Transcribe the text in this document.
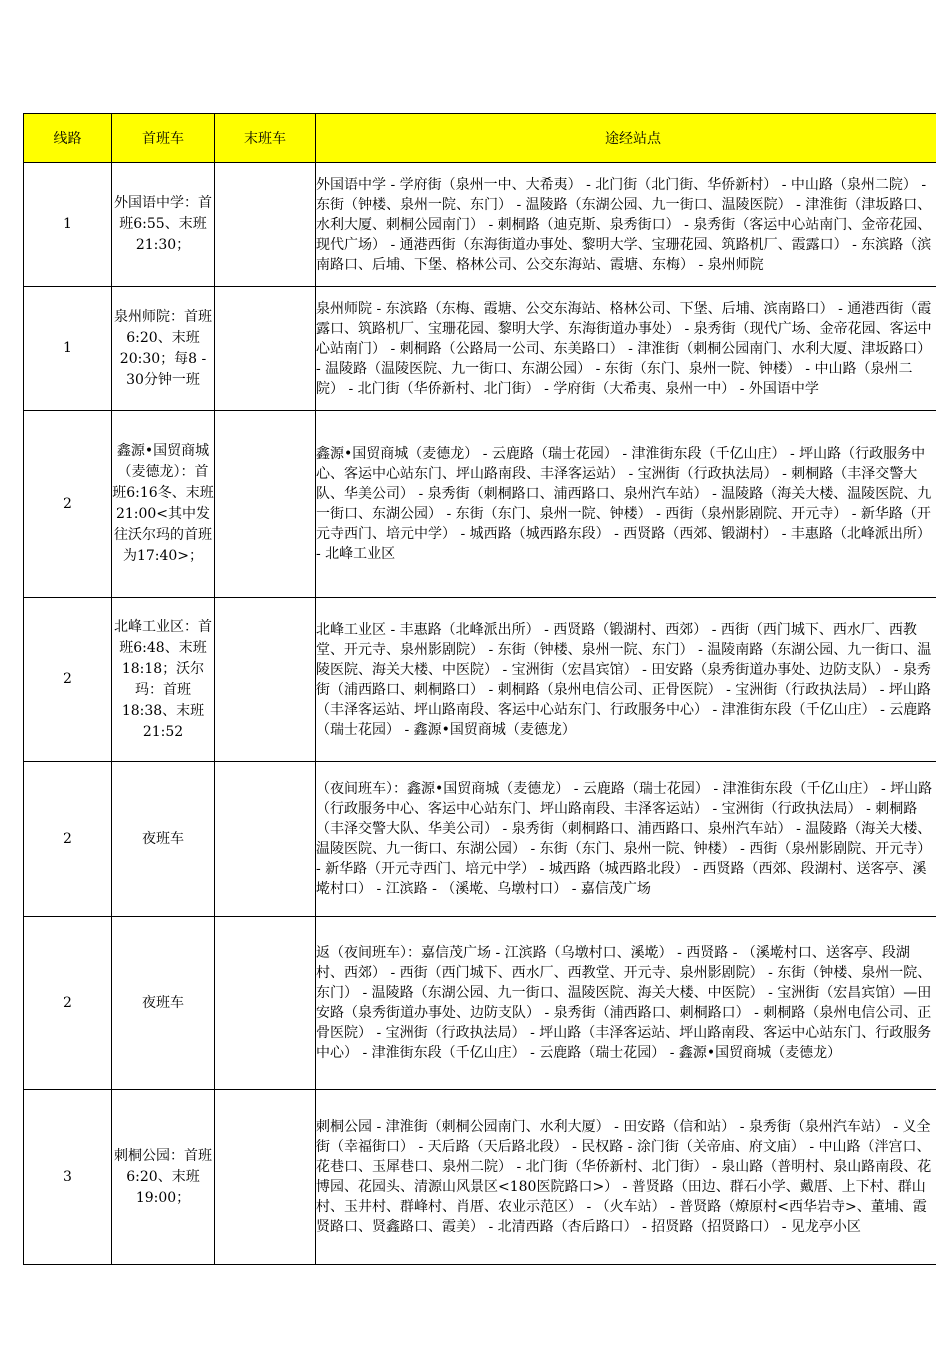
线路	首班车	末班车	途经站点
1	外国语中学：首班6:55、末班21:30；		外国语中学 - 学府街（泉州一中、大希夷） - 北门街（北门街、华侨新村） - 中山路（泉州二院） - 东街（钟楼、泉州一院、东门） - 温陵路（东湖公园、九一街口、温陵医院） - 津淮街（津坂路口、水利大厦、刺桐公园南门） - 刺桐路（迪克斯、泉秀街口） - 泉秀街（客运中心站南门、金帝花园、现代广场） - 通港西街（东海街道办事处、黎明大学、宝珊花园、筑路机厂、霞露口） - 东滨路（滨南路口、后埔、下堡、格林公司、公交东海站、霞塘、东梅） - 泉州师院

1	泉州师院：首班6:20、末班20:30；每8 - 30分钟一班		泉州师院 - 东滨路（东梅、霞塘、公交东海站、格林公司、下堡、后埔、滨南路口） - 通港西街（霞露口、筑路机厂、宝珊花园、黎明大学、东海街道办事处） - 泉秀街（现代广场、金帝花园、客运中心站南门） - 刺桐路（公路局一公司、东美路口） - 津淮街（刺桐公园南门、水利大厦、津坂路口） - 温陵路（温陵医院、九一街口、东湖公园） - 东街（东门、泉州一院、钟楼） - 中山路（泉州二院） - 北门街（华侨新村、北门街） - 学府街（大希夷、泉州一中） - 外国语中学

2	鑫源•国贸商城（麦德龙）：首班6:16冬、末班21:00<其中发往沃尔玛的首班为17:40>；		鑫源•国贸商城（麦德龙） - 云鹿路（瑞士花园） - 津淮街东段（千亿山庄） - 坪山路（行政服务中心、客运中心站东门、坪山路南段、丰泽客运站） - 宝洲街（行政执法局） - 刺桐路（丰泽交警大队、华美公司） - 泉秀街（刺桐路口、浦西路口、泉州汽车站） - 温陵路（海关大楼、温陵医院、九一街口、东湖公园） - 东街（东门、泉州一院、钟楼） - 西街（泉州影剧院、开元寺） - 新华路（开元寺西门、培元中学） - 城西路（城西路东段） - 西贤路（西郊、锻湖村） - 丰惠路（北峰派出所） - 北峰工业区

2	北峰工业区：首班6:48、末班18:18；沃尔玛：首班18:38、末班21:52		北峰工业区 - 丰惠路（北峰派出所） - 西贤路（锻湖村、西郊） - 西街（西门城下、西水厂、西教堂、开元寺、泉州影剧院） - 东街（钟楼、泉州一院、东门） - 温陵南路（东湖公园、九一街口、温陵医院、海关大楼、中医院） - 宝洲街（宏昌宾馆） - 田安路（泉秀街道办事处、边防支队） - 泉秀街（浦西路口、刺桐路口） - 刺桐路（泉州电信公司、正骨医院） - 宝洲街（行政执法局） - 坪山路（丰泽客运站、坪山路南段、客运中心站东门、行政服务中心） - 津淮街东段（千亿山庄） - 云鹿路（瑞士花园） - 鑫源•国贸商城（麦德龙）

2	夜班车		（夜间班车）：鑫源•国贸商城（麦德龙） - 云鹿路（瑞士花园） - 津淮街东段（千亿山庄） - 坪山路（行政服务中心、客运中心站东门、坪山路南段、丰泽客运站） - 宝洲街（行政执法局） - 刺桐路（丰泽交警大队、华美公司） - 泉秀街（刺桐路口、浦西路口、泉州汽车站） - 温陵路（海关大楼、温陵医院、九一街口、东湖公园） - 东街（东门、泉州一院、钟楼） - 西街（泉州影剧院、开元寺） - 新华路（开元寺西门、培元中学） - 城西路（城西路北段） - 西贤路（西郊、段湖村、送客亭、溪墘村口） - 江滨路 - （溪墘、乌墩村口） - 嘉信茂广场

2	夜班车		返（夜间班车）：嘉信茂广场 - 江滨路（乌墩村口、溪墘） - 西贤路 - （溪墘村口、送客亭、段湖村、西郊） - 西街（西门城下、西水厂、西教堂、开元寺、泉州影剧院） - 东街（钟楼、泉州一院、东门） - 温陵路（东湖公园、九一街口、温陵医院、海关大楼、中医院） - 宝洲街（宏昌宾馆）—田安路（泉秀街道办事处、边防支队） - 泉秀街（浦西路口、刺桐路口） - 刺桐路（泉州电信公司、正骨医院） - 宝洲街（行政执法局） - 坪山路（丰泽客运站、坪山路南段、客运中心站东门、行政服务中心） - 津淮街东段（千亿山庄） - 云鹿路（瑞士花园） - 鑫源•国贸商城（麦德龙）

3	刺桐公园：首班6:20、末班19:00；		刺桐公园 - 津淮街（刺桐公园南门、水利大厦） - 田安路（信和站） - 泉秀街（泉州汽车站） - 义全街（幸福街口） - 天后路（天后路北段） - 民权路 - 涂门街（关帝庙、府文庙） - 中山路（泮宫口、花巷口、玉犀巷口、泉州二院） - 北门街（华侨新村、北门街） - 泉山路（普明村、泉山路南段、花博园、花园头、清源山风景区<180医院路口>） - 普贤路（田边、群石小学、戴厝、上下村、群山村、玉井村、群峰村、肖厝、农业示范区） - （火车站） - 普贤路（燎原村<西华岩寺>、董埔、霞贤路口、贤鑫路口、霞美） - 北清西路（杏后路口） - 招贤路（招贤路口） - 见龙亭小区
